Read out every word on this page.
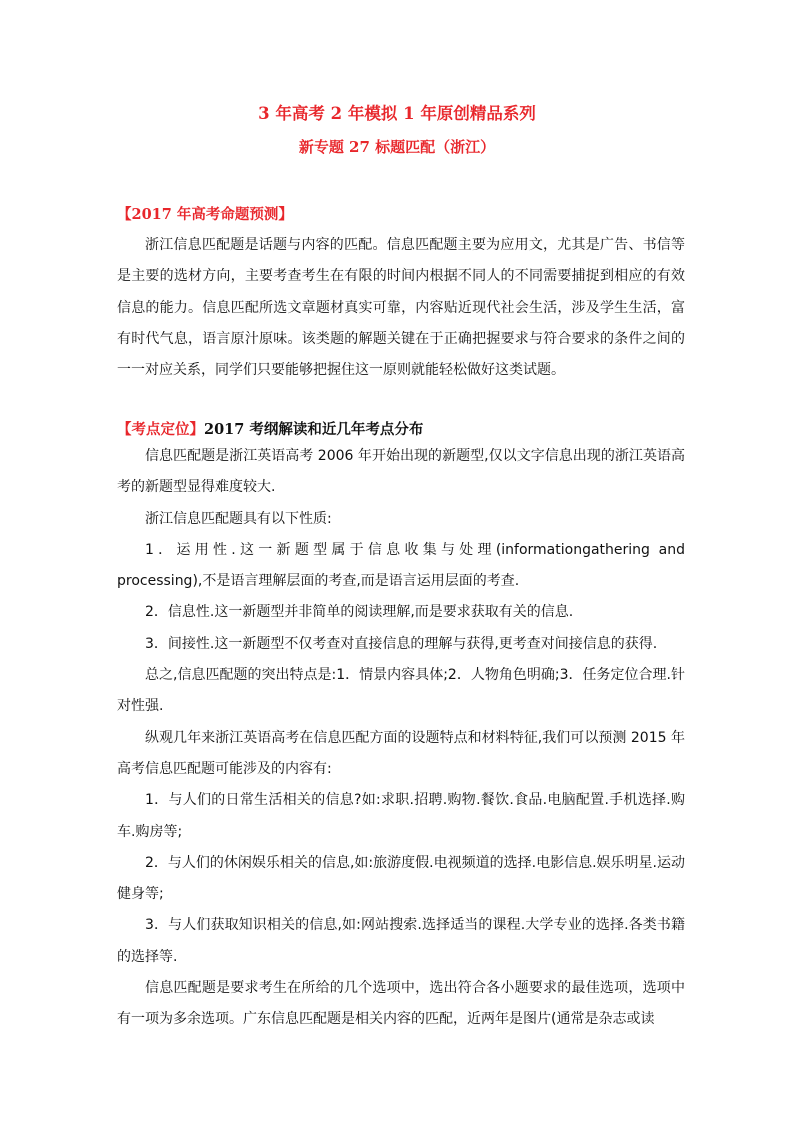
3 年高考 2 年模拟 1 年原创精品系列
新专题 27 标题匹配（浙江）
【2017 年高考命题预测】

浙江信息匹配题是话题与内容的匹配。信息匹配题主要为应用文，尤其是广告、书信等是主要的选材方向，主要考查考生在有限的时间内根据不同人的不同需要捕捉到相应的有效信息的能力。信息匹配所选文章题材真实可靠，内容贴近现代社会生活，涉及学生生活，富有时代气息，语言原汁原味。该类题的解题关键在于正确把握要求与符合要求的条件之间的一一对应关系，同学们只要能够把握住这一原则就能轻松做好这类试题。

【考点定位】2017 考纲解读和近几年考点分布

信息匹配题是浙江英语高考 2006 年开始出现的新题型,仅以文字信息出现的浙江英语高考的新题型显得难度较大.

浙江信息匹配题具有以下性质:

1．运用性.这一新题型属于信息收集与处理(informationgathering and processing),不是语言理解层面的考查,而是语言运用层面的考查.

2．信息性.这一新题型并非简单的阅读理解,而是要求获取有关的信息.

3．间接性.这一新题型不仅考查对直接信息的理解与获得,更考查对间接信息的获得.

总之,信息匹配题的突出特点是:1．情景内容具体;2．人物角色明确;3．任务定位合理.针对性强.

纵观几年来浙江英语高考在信息匹配方面的设题特点和材料特征,我们可以预测 2015 年高考信息匹配题可能涉及的内容有:

1．与人们的日常生活相关的信息?如:求职.招聘.购物.餐饮.食品.电脑配置.手机选择.购车.购房等;

2．与人们的休闲娱乐相关的信息,如:旅游度假.电视频道的选择.电影信息.娱乐明星.运动健身等;

3．与人们获取知识相关的信息,如:网站搜索.选择适当的课程.大学专业的选择.各类书籍的选择等.

信息匹配题是要求考生在所给的几个选项中，选出符合各小题要求的最佳选项，选项中有一项为多余选项。广东信息匹配题是相关内容的匹配，近两年是图片(通常是杂志或读
